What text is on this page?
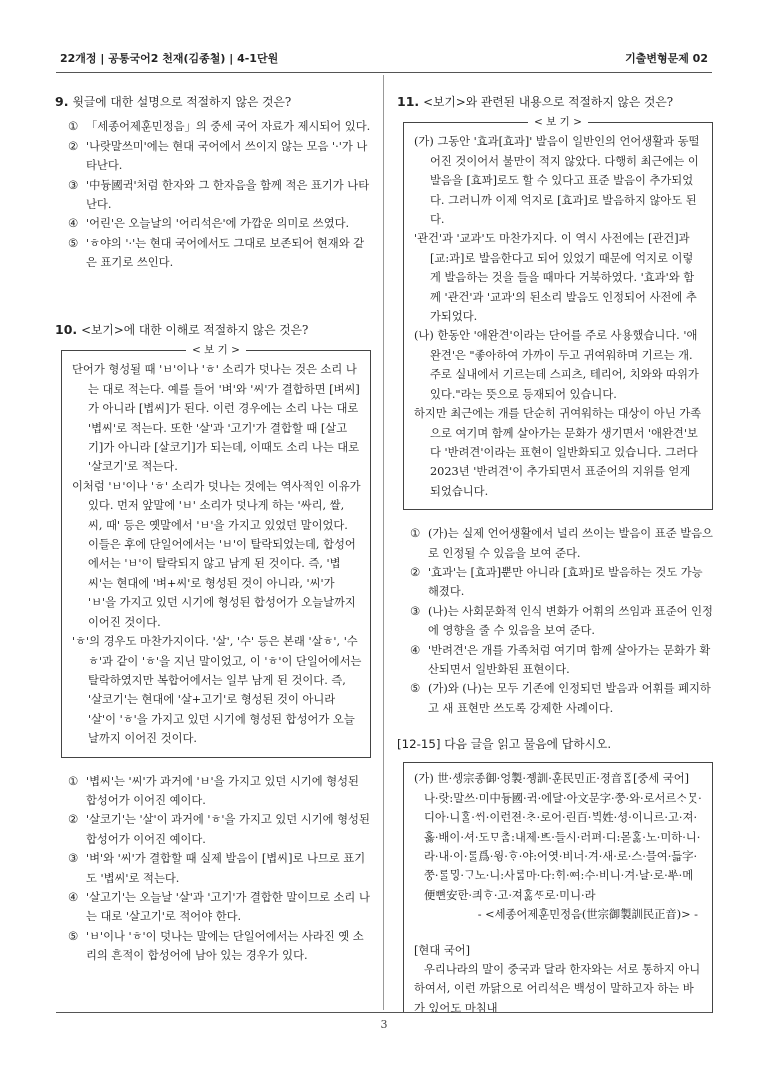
22개정 | 공통국어2 천재(김종철) | 4-1단원	기출변형문제 02

9. 윗글에 대한 설명으로 적절하지 않은 것은?

① 「세종어제훈민정음」의 중세 국어 자료가 제시되어 있다.

② '나랏말쓰미'에는 현대 국어에서 쓰이지 않는 모음 '·'가 나타난다.

③ '中듕國귁'처럼 한자와 그 한자음을 함께 적은 표기가 나타난다.

④ '어린'은 오늘날의 '어리석은'에 가깝운 의미로 쓰였다.

⑤ 'ㅎ야의 '·'는 현대 국어에서도 그대로 보존되어 현재와 같은 표기로 쓰인다.

10. <보기>에 대한 이해로 적절하지 않은 것은?

< 보 기 >

단어가 형성될 때 'ㅂ'이나 'ㅎ' 소리가 덧나는 것은 소리 나는 대로 적는다. 예를 들어 '벼'와 '씨'가 결합하면 [벼씨]가 아니라 [볍씨]가 된다. 이런 경우에는 소리 나는 대로 '볍씨'로 적는다. 또한 '살'과 '고기'가 결합할 때 [살고기]가 아니라 [살코기]가 되는데, 이때도 소리 나는 대로 '살코기'로 적는다.

이처럼 'ㅂ'이나 'ㅎ' 소리가 덧나는 것에는 역사적인 이유가 있다. 먼저 앞말에 'ㅂ' 소리가 덧나게 하는 '싸리, 쌀, 씨, 때' 등은 옛말에서 'ㅂ'을 가지고 있었던 말이었다. 이들은 후에 단일어에서는 'ㅂ'이 탈락되었는데, 합성어에서는 'ㅂ'이 탈락되지 않고 남게 된 것이다. 즉, '볍씨'는 현대에 '벼+씨'로 형성된 것이 아니라, '씨'가 'ㅂ'을 가지고 있던 시기에 형성된 합성어가 오늘날까지 이어진 것이다.

'ㅎ'의 경우도 마찬가지이다. '살', '수' 등은 본래 '살ㅎ', '수ㅎ'과 같이 'ㅎ'을 지닌 말이었고, 이 'ㅎ'이 단일어에서는 탈락하였지만 복합어에서는 일부 남게 된 것이다. 즉, '살코기'는 현대에 '살+고기'로 형성된 것이 아니라 '살'이 'ㅎ'을 가지고 있던 시기에 형성된 합성어가 오늘날까지 이어진 것이다.

① '볍씨'는 '씨'가 과거에 'ㅂ'을 가지고 있던 시기에 형성된 합성어가 이어진 예이다.

② '살코기'는 '살'이 과거에 'ㅎ'을 가지고 있던 시기에 형성된 합성어가 이어진 예이다.

③ '벼'와 '씨'가 결합할 때 실제 발음이 [볍씨]로 나므로 표기도 '볍씨'로 적는다.

④ '살고기'는 오늘날 '살'과 '고기'가 결합한 말이므로 소리 나는 대로 '살고기'로 적어야 한다.

⑤ 'ㅂ'이나 'ㅎ'이 덧나는 말에는 단일어에서는 사라진 옛 소리의 흔적이 합성어에 남아 있는 경우가 있다.

11. <보기>와 관련된 내용으로 적절하지 않은 것은?

< 보 기 >

(가) 그동안 '효과[효과]' 발음이 일반인의 언어생활과 동떨어진 것이어서 불만이 적지 않았다. 다행히 최근에는 이 발음을 [효꽈]로도 할 수 있다고 표준 발음이 추가되었다. 그러니까 이제 억지로 [효과]로 발음하지 않아도 된다.

'관건'과 '교과'도 마찬가지다. 이 역시 사전에는 [관건]과 [교:과]로 발음한다고 되어 있었기 때문에 억지로 이렇게 발음하는 것을 들을 때마다 거북하였다. '효과'와 함께 '관건'과 '교과'의 된소리 발음도 인정되어 사전에 추가되었다.

(나) 한동안 '애완견'이라는 단어를 주로 사용했습니다. '애완견'은 "좋아하여 가까이 두고 귀여워하며 기르는 개. 주로 실내에서 기르는데 스피츠, 테리어, 치와와 따위가 있다."라는 뜻으로 등재되어 있습니다.

하지만 최근에는 개를 단순히 귀여워하는 대상이 아닌 가족으로 여기며 함께 살아가는 문화가 생기면서 '애완견'보다 '반려견'이라는 표현이 일반화되고 있습니다. 그러다 2023년 '반려견'이 추가되면서 표준어의 지위를 얻게 되었습니다.

① (가)는 실제 언어생활에서 널리 쓰이는 발음이 표준 발음으로 인정될 수 있음을 보여 준다.

② '효과'는 [효과]뿐만 아니라 [효꽈]로 발음하는 것도 가능해졌다.

③ (나)는 사회문화적 인식 변화가 어휘의 쓰임과 표준어 인정에 영향을 줄 수 있음을 보여 준다.

④ '반려견'은 개를 가족처럼 여기며 함께 살아가는 문화가 확산되면서 일반화된 표현이다.

⑤ (가)와 (나)는 모두 기존에 인정되던 발음과 어휘를 폐지하고 새 표현만 쓰도록 강제한 사례이다.

[12-15] 다음 글을 읽고 물음에 답하시오.

(가) 世·솅宗종御·엉製·졩訓·훈民민正·졍音ᅙᆞᆷ[중세 국어]

나·랏:말쓰·미中듕國·귁·에달·아文문字·쭝·와·로서르ᄉᆞᄆᆞᆺ·디아·니ᄒᆞᆯ·ᄊᆡ·이런젼·ᄎᆞ·로어·린百·ᄇᆡᆨ姓·셩·이니르·고·져·홇·배이·셔·도ᄆᆞᄎᆞᆷ:내제·ᄠᅳ·들시·러펴·디:몯ᄒᆞᇙ·노·미하·니·라·내·이·ᄅᆞᆯ爲·윙·ᄒᆞ·야:어엿·비너·겨·새·로·스·믈여·듧字·쭝·ᄅᆞᆯᄆᆡᇰ·ᄀᆞ노·니:사ᄅᆞᆷ마·다:ᄒᆡ·ᅇᅧ:수·비니·겨·날·로·ᄡᅮ·메便뼌安ᅙᅡᆫ·킈ᄒᆞ·고·져ᄒᆞᇙᄯᆞ로·미니·라

- <세종어제훈민정음(世宗御製訓民正音)> -

[현대 국어]

우리나라의 말이 중국과 달라 한자와는 서로 통하지 아니하여서, 이런 까닭으로 어리석은 백성이 말하고자 하는 바가 있어도 마침내

3
